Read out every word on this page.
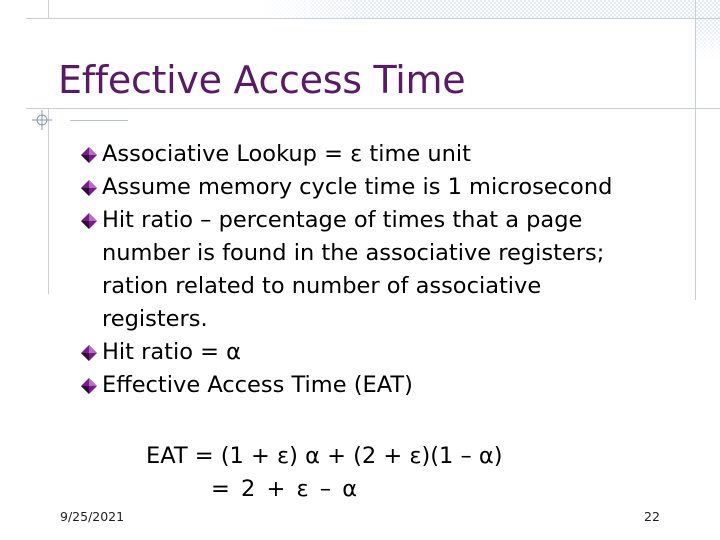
Effective Access Time
Associative Lookup = ε time unit
Assume memory cycle time is 1 microsecond
Hit ratio – percentage of times that a page
number is found in the associative registers;
ration related to number of associative
registers.
Hit ratio = α
Effective Access Time (EAT)
EAT = (1 + ε) α + (2 + ε)(1 – α)
= 2 + ε – α
9/25/2021	22
